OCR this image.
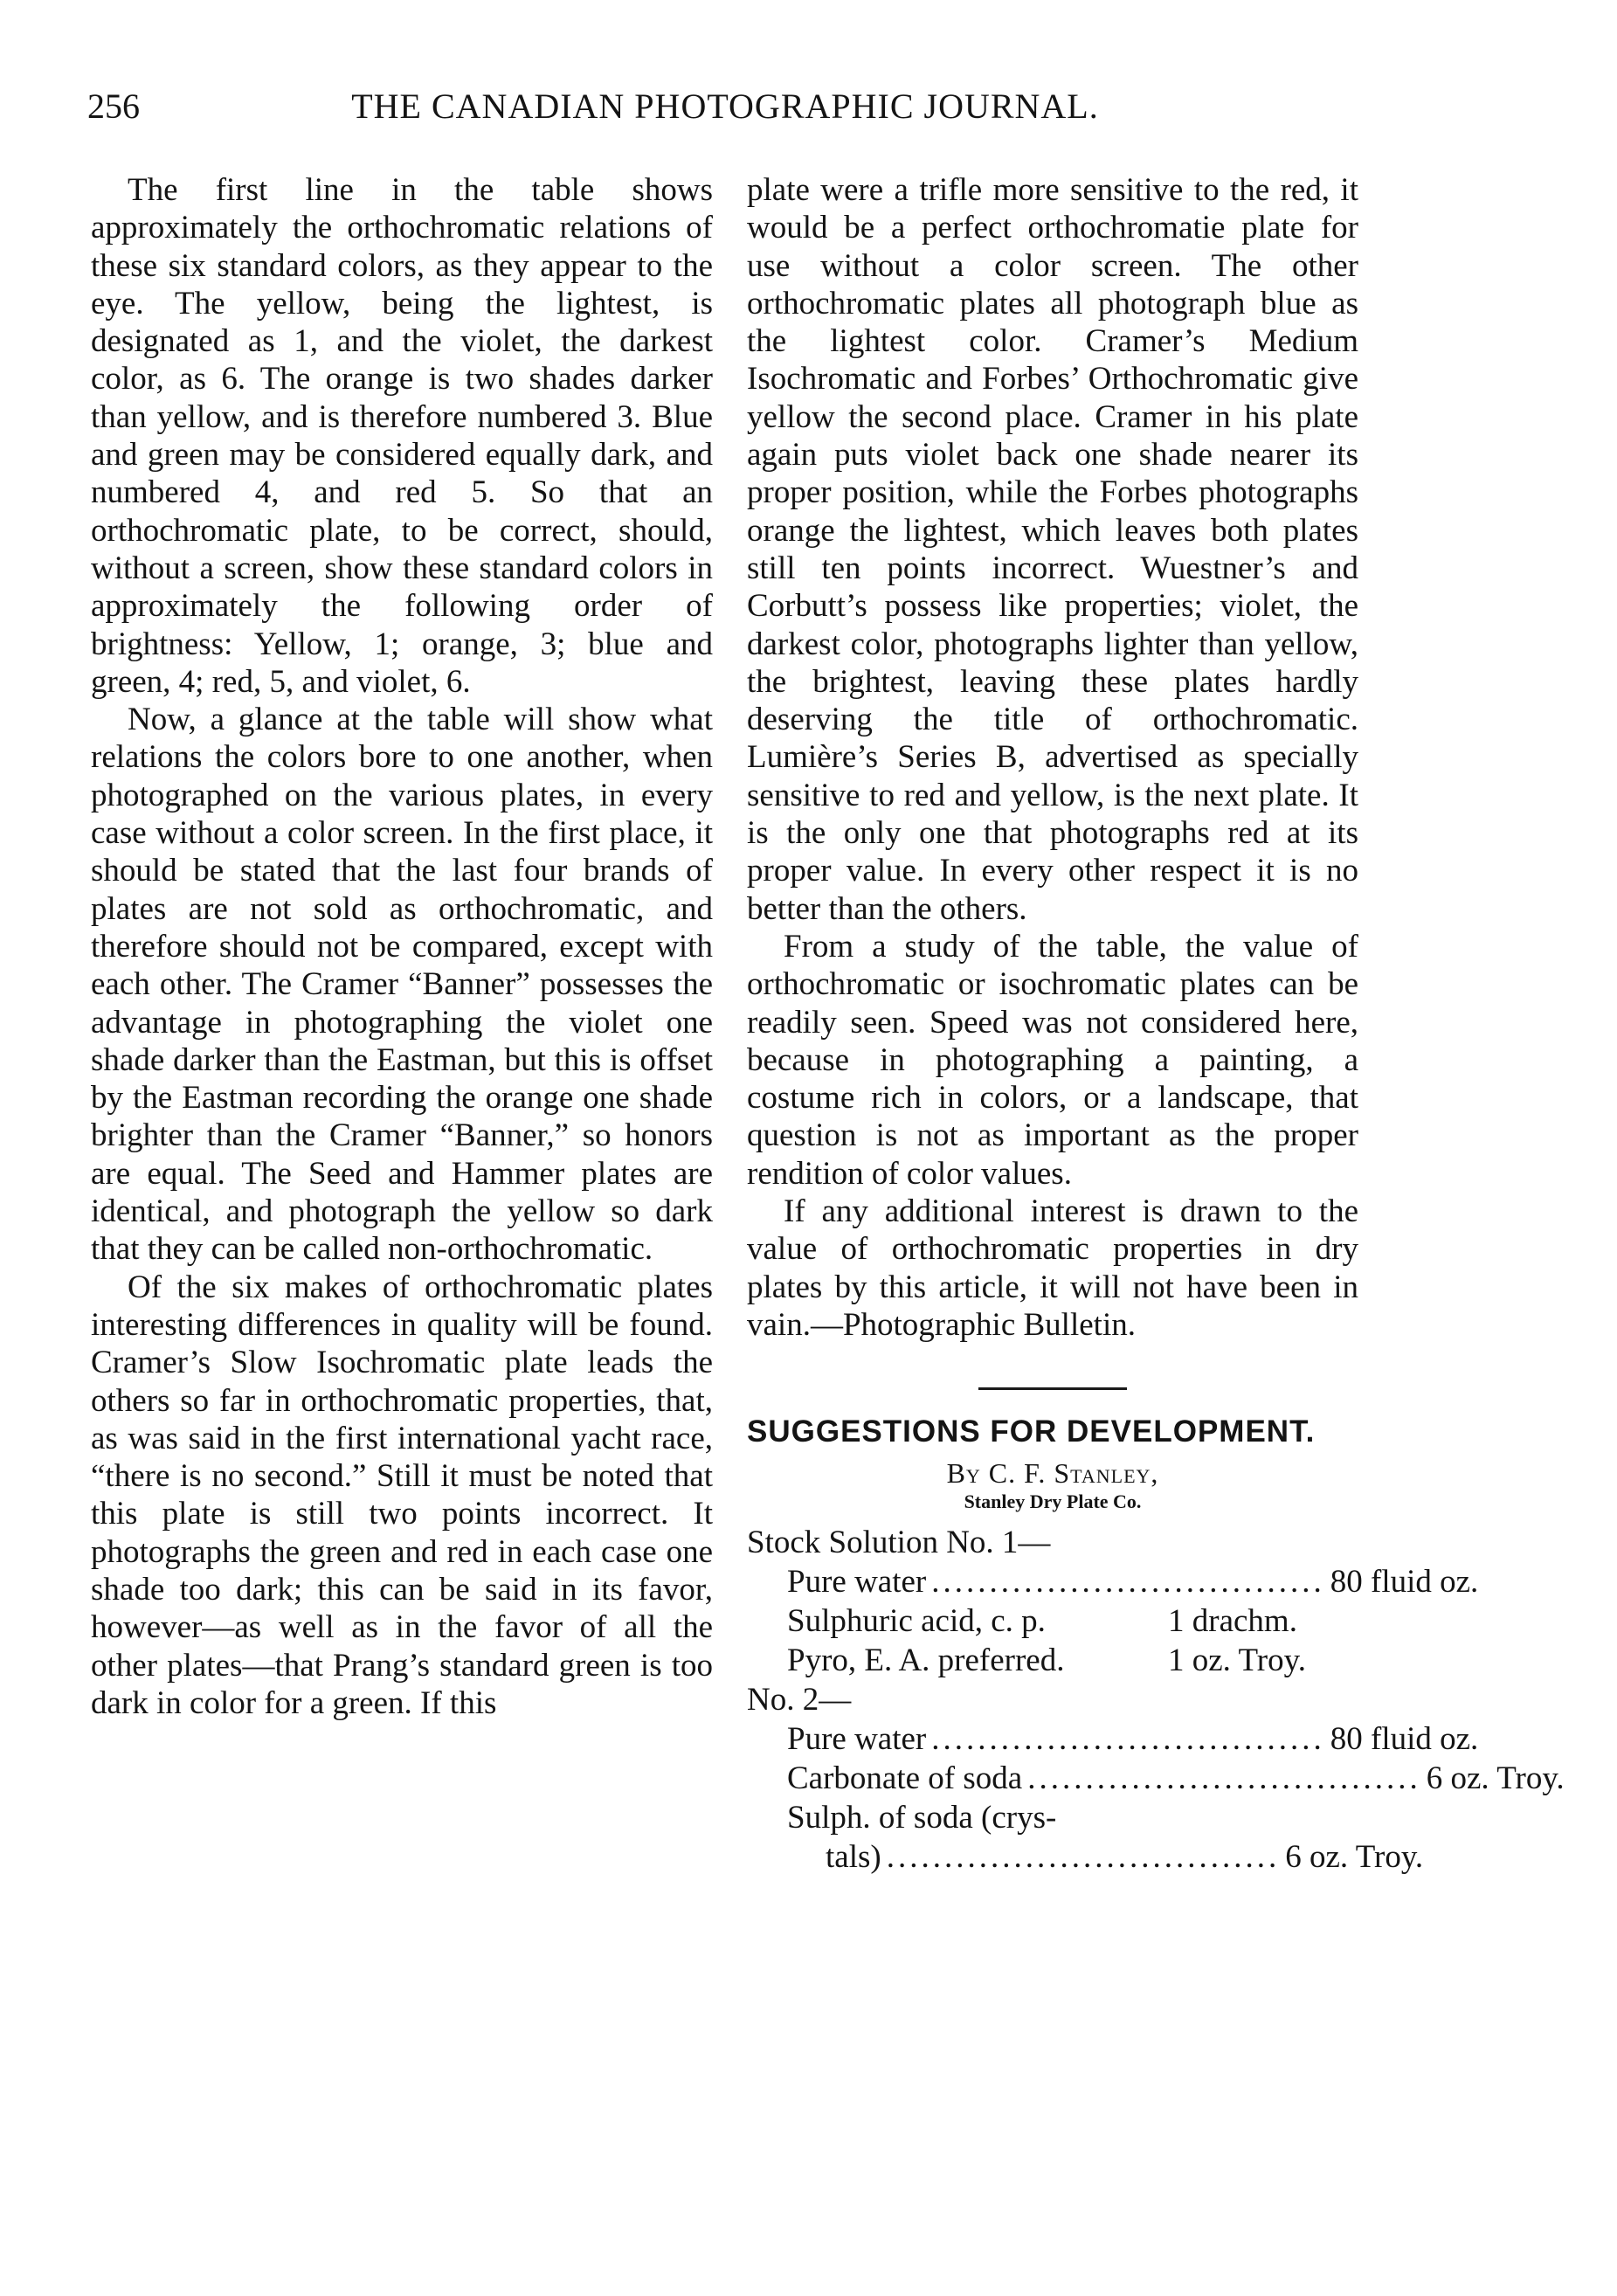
256	THE CANADIAN PHOTOGRAPHIC JOURNAL.

The first line in the table shows approximately the orthochromatic relations of these six standard colors, as they appear to the eye. The yellow, being the lightest, is designated as 1, and the violet, the darkest color, as 6. The orange is two shades darker than yellow, and is therefore numbered 3. Blue and green may be considered equally dark, and numbered 4, and red 5. So that an orthochromatic plate, to be correct, should, without a screen, show these standard colors in approximately the following order of brightness: Yellow, 1; orange, 3; blue and green, 4; red, 5, and violet, 6.

Now, a glance at the table will show what relations the colors bore to one another, when photographed on the various plates, in every case without a color screen. In the first place, it should be stated that the last four brands of plates are not sold as orthochromatic, and therefore should not be compared, except with each other. The Cramer “Banner” possesses the advantage in photographing the violet one shade darker than the Eastman, but this is offset by the Eastman recording the orange one shade brighter than the Cramer “Banner,” so honors are equal. The Seed and Hammer plates are identical, and photograph the yellow so dark that they can be called non-orthochromatic.

Of the six makes of orthochromatic plates interesting differences in quality will be found. Cramer’s Slow Isochromatic plate leads the others so far in orthochromatic properties, that, as was said in the first international yacht race, “there is no second.” Still it must be noted that this plate is still two points incorrect. It photographs the green and red in each case one shade too dark; this can be said in its favor, however—as well as in the favor of all the other plates—that Prang’s standard green is too dark in color for a green. If this

plate were a trifle more sensitive to the red, it would be a perfect orthochromatie plate for use without a color screen. The other orthochromatic plates all photograph blue as the lightest color. Cramer’s Medium Isochromatic and Forbes’ Orthochromatic give yellow the second place. Cramer in his plate again puts violet back one shade nearer its proper position, while the Forbes photographs orange the lightest, which leaves both plates still ten points incorrect. Wuestner’s and Corbutt’s possess like properties; violet, the darkest color, photographs lighter than yellow, the brightest, leaving these plates hardly deserving the title of orthochromatic. Lumière’s Series B, advertised as specially sensitive to red and yellow, is the next plate. It is the only one that photographs red at its proper value. In every other respect it is no better than the others.

From a study of the table, the value of orthochromatic or isochromatic plates can be readily seen. Speed was not considered here, because in photographing a painting, a costume rich in colors, or a landscape, that question is not as important as the proper rendition of color values.

If any additional interest is drawn to the value of orthochromatic properties in dry plates by this article, it will not have been in vain.—Photographic Bulletin.

SUGGESTIONS FOR DEVELOPMENT.
By C. F. Stanley,
Stanley Dry Plate Co.

Stock Solution No. 1—

Pure water .................................. 80 fluid oz.
Sulphuric acid, c. p.	1 drachm.
Pyro, E. A. preferred.	1 oz. Troy.

No. 2—

Pure water .................................. 80 fluid oz.
Carbonate of soda .................................. 6 oz. Troy.
Sulph. of soda (crys-
tals) .................................. 6 oz. Troy.
